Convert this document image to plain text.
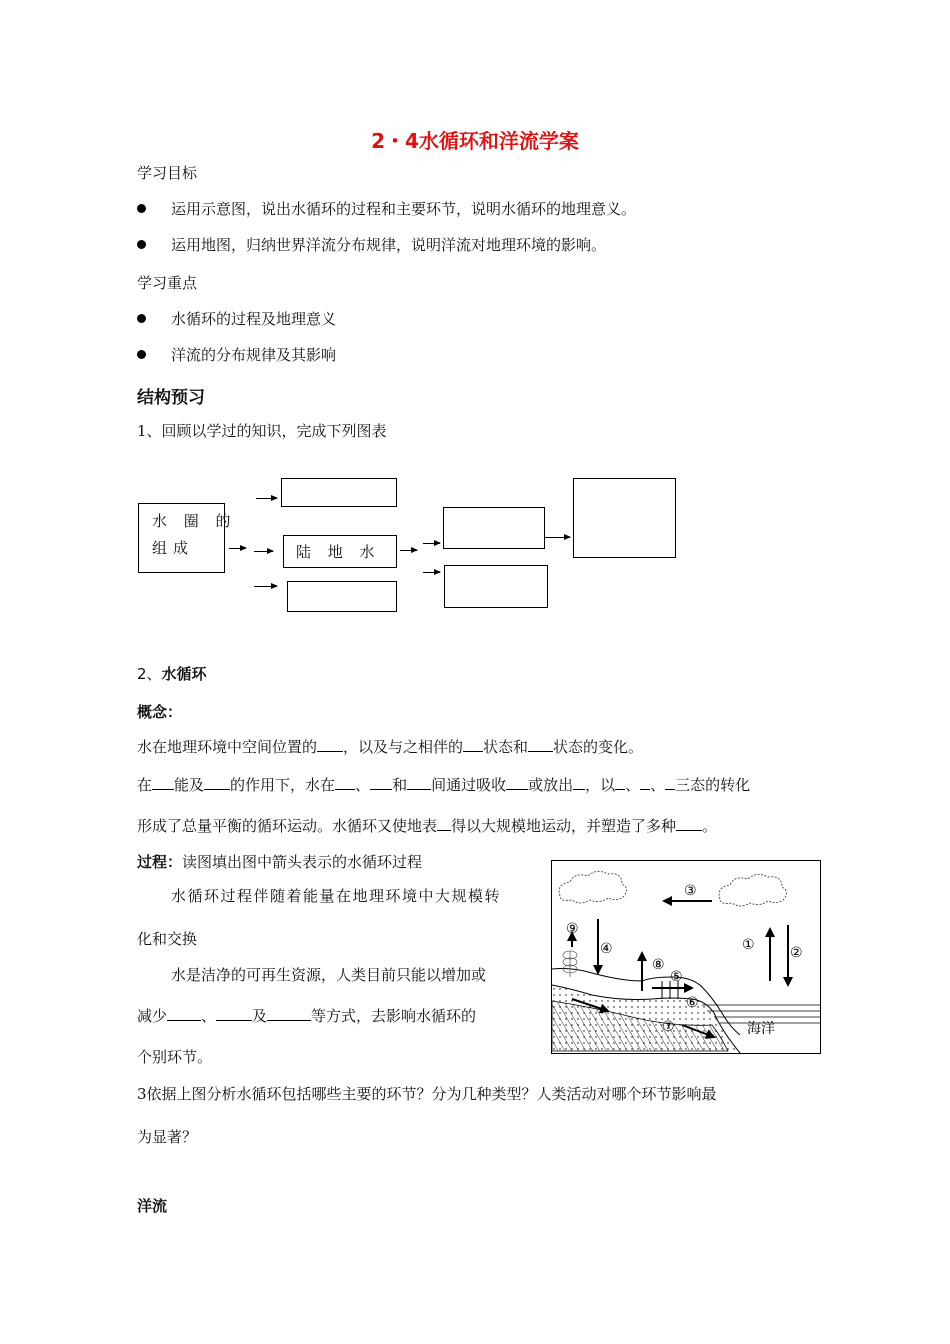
2・4水循环和洋流学案
学习目标
运用示意图，说出水循环的过程和主要环节，说明水循环的地理意义。
运用地图，归纳世界洋流分布规律，说明洋流对地理环境的影响。
学习重点
水循环的过程及地理意义
洋流的分布规律及其影响
结构预习
1、回顾以学过的知识，完成下列图表
水 圈 的
组成	陆 地 水
2、水循环
概念：
水在地理环境中空间位置的 ，以及与之相伴的 状态和 状态的变化。
在 能及 的作用下，水在 、 和 间通过吸收 或放出 ，以 、 、 三态的转化
形成了总量平衡的循环运动。水循环又使地表 得以大规模地运动，并塑造了多种 。
过程：读图填出图中箭头表示的水循环过程
水循环过程伴随着能量在地理环境中大规模转
化和交换
水是洁净的可再生资源，人类目前只能以增加或
减少 、 及	等方式，去影响水循环的
个别环节。
海洋
①	②
③
④
⑤
⑥
⑦
⑧
⑨
3依据上图分析水循环包括哪些主要的环节？分为几种类型？人类活动对哪个环节影响最
为显著？
洋流
